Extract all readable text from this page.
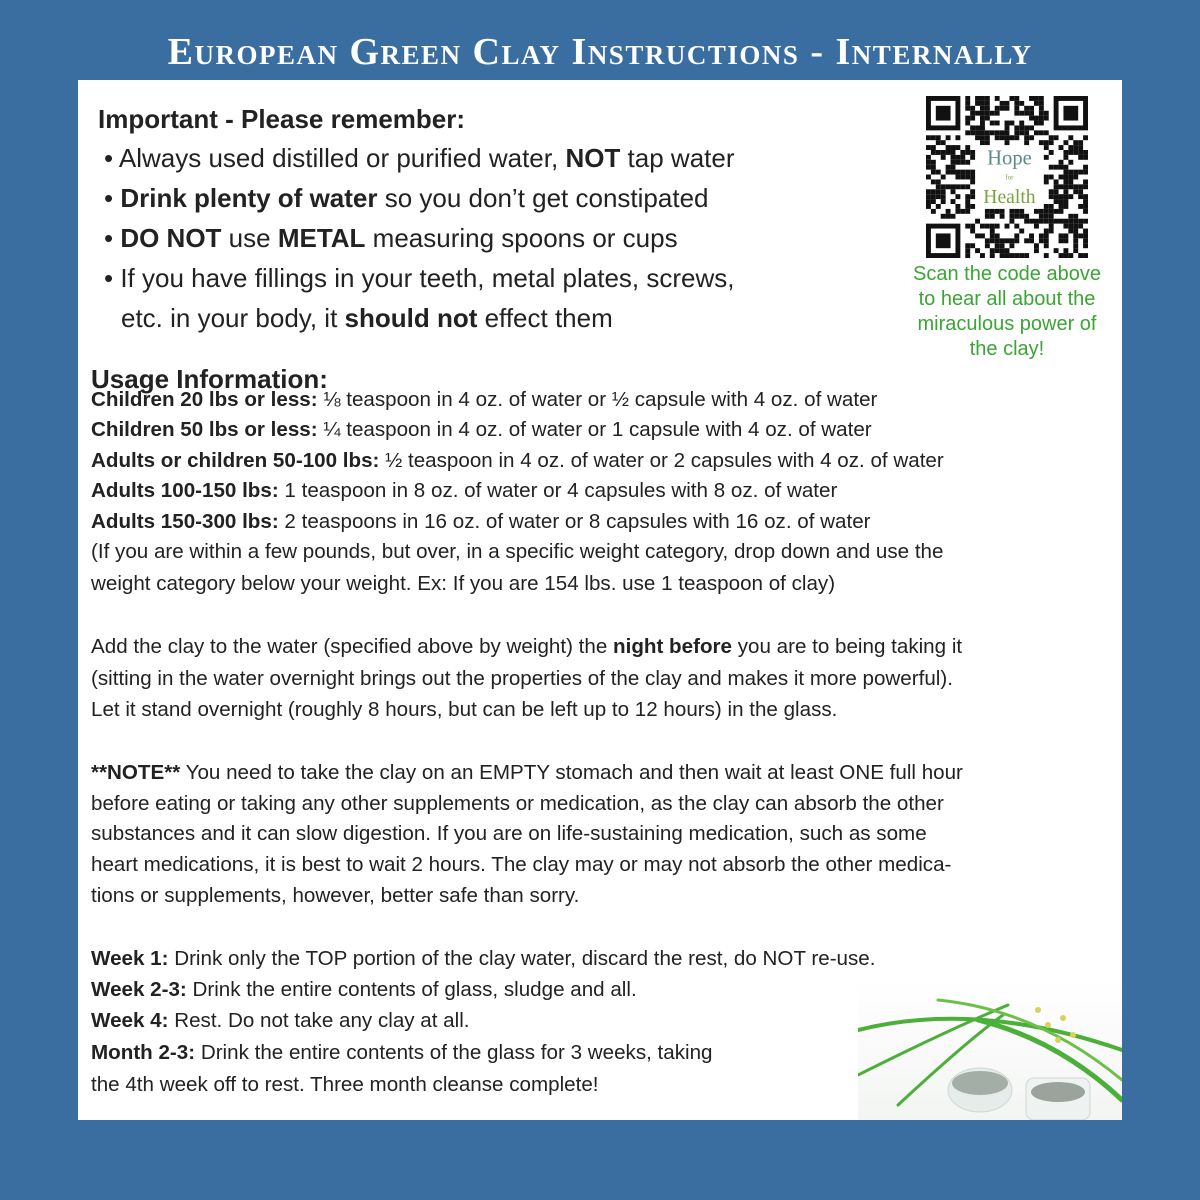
European Green Clay Instructions - Internally
Important - Please remember:
• Always used distilled or purified water, NOT tap water
• Drink plenty of water so you don’t get constipated
• DO NOT use METAL measuring spoons or cups
• If you have fillings in your teeth, metal plates, screws,
etc. in your body, it should not effect them
Hope
for
Health
Scan the code above
to hear all about the
miraculous power of
the clay!
Usage Information:
Children 20 lbs or less: ⅛ teaspoon in 4 oz. of water or ½ capsule with 4 oz. of water
Children 50 lbs or less: ¼ teaspoon in 4 oz. of water or 1 capsule with 4 oz. of water
Adults or children 50-100 lbs: ½ teaspoon in 4 oz. of water or 2 capsules with 4 oz. of water
Adults 100-150 lbs: 1 teaspoon in 8 oz. of water or 4 capsules with 8 oz. of water
Adults 150-300 lbs: 2 teaspoons in 16 oz. of water or 8 capsules with 16 oz. of water
(If you are within a few pounds, but over, in a specific weight category, drop down and use the
weight category below your weight. Ex: If you are 154 lbs. use 1 teaspoon of clay)
Add the clay to the water (specified above by weight) the night before you are to being taking it
(sitting in the water overnight brings out the properties of the clay and makes it more powerful).
Let it stand overnight (roughly 8 hours, but can be left up to 12 hours) in the glass.
**NOTE** You need to take the clay on an EMPTY stomach and then wait at least ONE full hour
before eating or taking any other supplements or medication, as the clay can absorb the other
substances and it can slow digestion. If you are on life-sustaining medication, such as some
heart medications, it is best to wait 2 hours. The clay may or may not absorb the other medica-
tions or supplements, however, better safe than sorry.
Week 1: Drink only the TOP portion of the clay water, discard the rest, do NOT re-use.
Week 2-3: Drink the entire contents of glass, sludge and all.
Week 4: Rest. Do not take any clay at all.
Month 2-3: Drink the entire contents of the glass for 3 weeks, taking
the 4th week off to rest. Three month cleanse complete!
